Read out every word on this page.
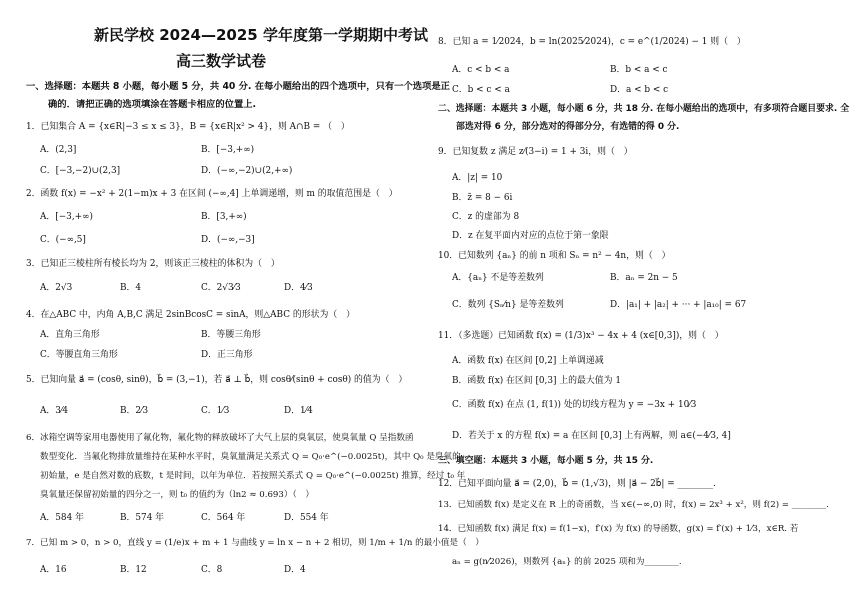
新民学校 2024—2025 学年度第一学期期中考试
高三数学试卷
一、选择题：本题共 8 小题，每小题 5 分，共 40 分. 在每小题给出的四个选项中，只有一个选项是正
确的．请把正确的选项填涂在答题卡相应的位置上.
1．已知集合 A = {x∈R|−3 ≤ x ≤ 3}，B = {x∈R|x² > 4}，则 A∩B = （　）
A．(2,3]	B．[−3,+∞)
C．[−3,−2)∪(2,3]	D．(−∞,−2)∪(2,+∞)
2．函数 f(x) = −x² + 2(1−m)x + 3 在区间 (−∞,4] 上单调递增，则 m 的取值范围是（　）
A．[−3,+∞)	B．[3,+∞)
C．(−∞,5]	D．(−∞,−3]
3．已知正三棱柱所有棱长均为 2，则该正三棱柱的体积为（　）
A．2√3	B．4	C．2√3⁄3	D．4⁄3
4．在△ABC 中，内角 A,B,C 满足 2sinBcosC = sinA，则△ABC 的形状为（　）
A．直角三角形	B．等腰三角形
C．等腰直角三角形	D．正三角形
5．已知向量 a⃗ = (cosθ, sinθ)，b⃗ = (3,−1)，若 a⃗ ⊥ b⃗，则 cosθ⁄(sinθ + cosθ) 的值为（　）
A．3⁄4	B．2⁄3	C．1⁄3	D．1⁄4
6．冰箱空调等家用电器使用了氟化物，氟化物的释放破坏了大气上层的臭氧层，使臭氧量 Q 呈指数函
数型变化．当氟化物排放量维持在某种水平时，臭氧量满足关系式 Q = Q₀·e^(−0.0025t)，其中 Q₀ 是臭氧的
初始量，e 是自然对数的底数，t 是时间，以年为单位．若按照关系式 Q = Q₀·e^(−0.0025t) 推算，经过 t₀ 年
臭氧量还保留初始量的四分之一，则 t₀ 的值约为（ln2 ≈ 0.693）（　）
A．584 年	B．574 年	C．564 年	D．554 年
7．已知 m > 0，n > 0，直线 y = (1/e)x + m + 1 与曲线 y = ln x − n + 2 相切，则 1/m + 1/n 的最小值是（　）
A．16	B．12	C．8	D．4
8．已知 a = 1⁄2024，b = ln(2025⁄2024)，c = e^(1/2024) − 1 则（　）
A．c < b < a	B．b < a < c
C．b < c < a	D．a < b < c
二、选择题：本题共 3 小题，每小题 6 分，共 18 分. 在每小题给出的选项中，有多项符合题目要求. 全
部选对得 6 分，部分选对的得部分分，有选错的得 0 分.
9．已知复数 z 满足 z⁄(3−i) = 1 + 3i，则（　）
A．|z| = 10
B．z̄ = 8 − 6i
C．z 的虚部为 8
D．z 在复平面内对应的点位于第一象限
10．已知数列 {aₙ} 的前 n 项和 Sₙ = n² − 4n，则（　）
A．{aₙ} 不是等差数列	B．aₙ = 2n − 5
C．数列 {Sₙ⁄n} 是等差数列	D．|a₁| + |a₂| + ··· + |a₁₀| = 67
11．（多选题）已知函数 f(x) = (1/3)x³ − 4x + 4 (x∈[0,3])，则（　）
A．函数 f(x) 在区间 [0,2] 上单调递减
B．函数 f(x) 在区间 [0,3] 上的最大值为 1
C．函数 f(x) 在点 (1, f(1)) 处的切线方程为 y = −3x + 10⁄3
D．若关于 x 的方程 f(x) = a 在区间 [0,3] 上有两解，则 a∈(−4⁄3, 4]
三、填空题：本题共 3 小题，每小题 5 分，共 15 分.
12．已知平面向量 a⃗ = (2,0)，b⃗ = (1,√3)，则 |a⃗ − 2b⃗| = ________.
13．已知函数 f(x) 是定义在 R 上的奇函数，当 x∈(−∞,0) 时，f(x) = 2x³ + x²，则 f(2) = ________.
14．已知函数 f(x) 满足 f(x) = f(1−x)，f′(x) 为 f(x) 的导函数，g(x) = f′(x) + 1⁄3，x∈R. 若
aₙ = g(n⁄2026)，则数列 {aₙ} 的前 2025 项和为________.
